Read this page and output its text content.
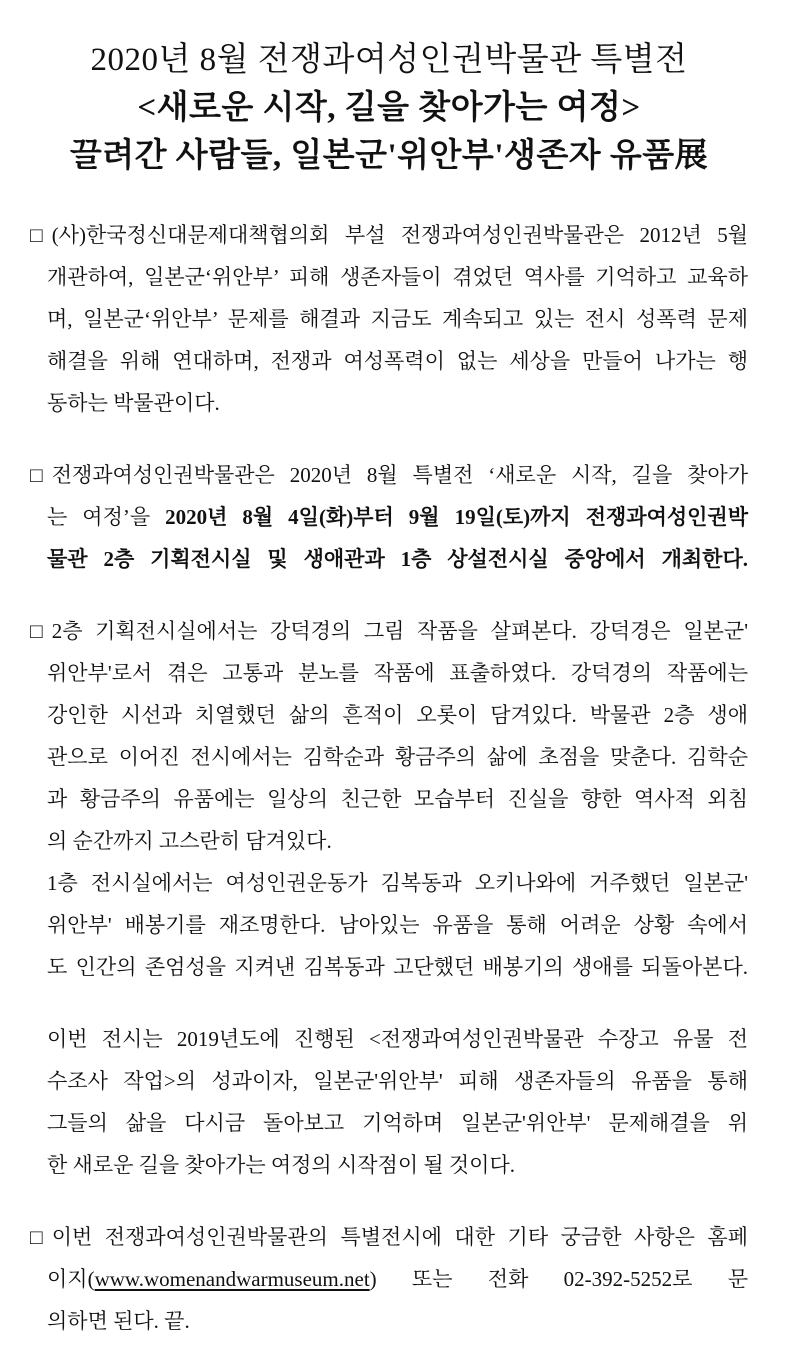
2020년 8월 전쟁과여성인권박물관 특별전
<새로운 시작, 길을 찾아가는 여정>
끌려간 사람들, 일본군'위안부'생존자 유품展
□ (사)한국정신대문제대책협의회 부설 전쟁과여성인권박물관은 2012년 5월
개관하여, 일본군‘위안부’ 피해 생존자들이 겪었던 역사를 기억하고 교육하
며, 일본군‘위안부’ 문제를 해결과 지금도 계속되고 있는 전시 성폭력 문제
해결을 위해 연대하며, 전쟁과 여성폭력이 없는 세상을 만들어 나가는 행
동하는 박물관이다.
□ 전쟁과여성인권박물관은 2020년 8월 특별전 ‘새로운 시작, 길을 찾아가
는 여정’을 2020년 8월 4일(화)부터 9월 19일(토)까지 전쟁과여성인권박
물관 2층 기획전시실 및 생애관과 1층 상설전시실 중앙에서 개최한다.
□ 2층 기획전시실에서는 강덕경의 그림 작품을 살펴본다. 강덕경은 일본군'
위안부'로서 겪은 고통과 분노를 작품에 표출하였다. 강덕경의 작품에는
강인한 시선과 치열했던 삶의 흔적이 오롯이 담겨있다. 박물관 2층 생애
관으로 이어진 전시에서는 김학순과 황금주의 삶에 초점을 맞춘다. 김학순
과 황금주의 유품에는 일상의 친근한 모습부터 진실을 향한 역사적 외침
의 순간까지 고스란히 담겨있다.
1층 전시실에서는 여성인권운동가 김복동과 오키나와에 거주했던 일본군'
위안부' 배봉기를 재조명한다. 남아있는 유품을 통해 어려운 상황 속에서
도 인간의 존엄성을 지켜낸 김복동과 고단했던 배봉기의 생애를 되돌아본다.
이번 전시는 2019년도에 진행된 <전쟁과여성인권박물관 수장고 유물 전
수조사 작업>의 성과이자, 일본군'위안부' 피해 생존자들의 유품을 통해
그들의 삶을 다시금 돌아보고 기억하며 일본군'위안부' 문제해결을 위
한 새로운 길을 찾아가는 여정의 시작점이 될 것이다.
□ 이번 전쟁과여성인권박물관의 특별전시에 대한 기타 궁금한 사항은 홈페
이지(www.womenandwarmuseum.net) 또는 전화 02-392-5252로 문
의하면 된다. 끝.
